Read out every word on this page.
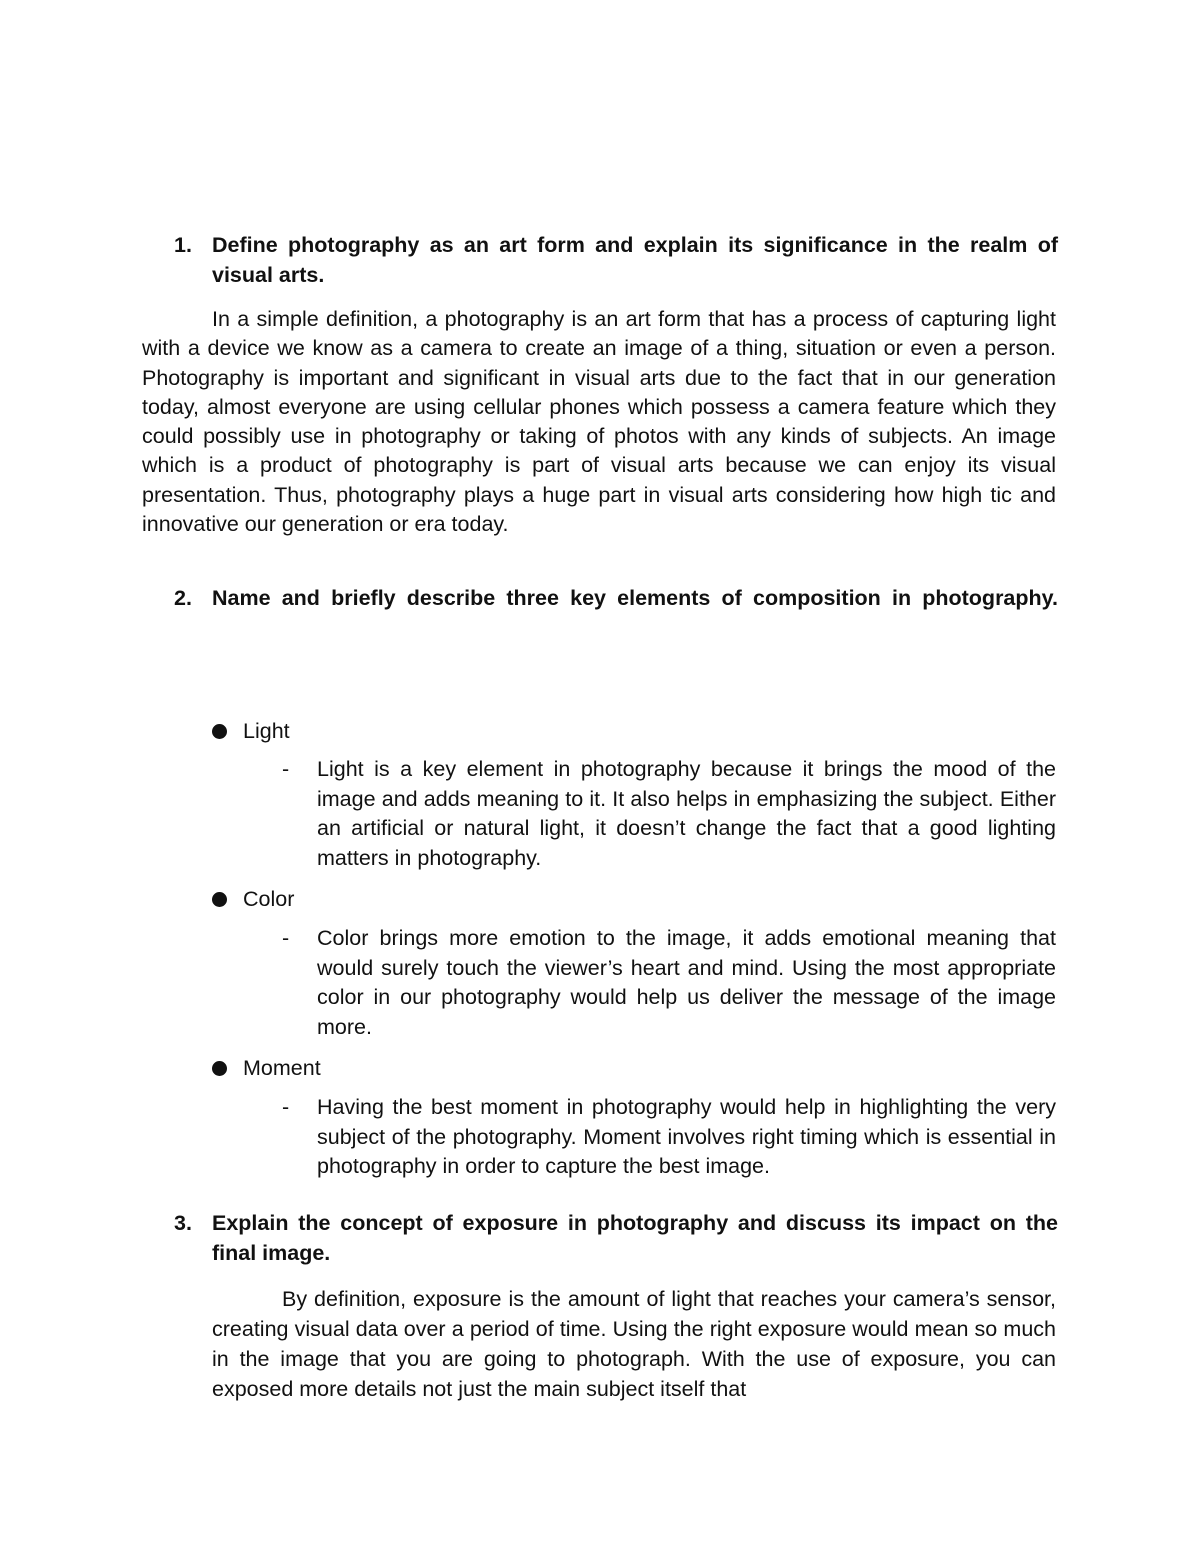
1. Define photography as an art form and explain its significance in the realm of visual arts.

In a simple definition, a photography is an art form that has a process of capturing light with a device we know as a camera to create an image of a thing, situation or even a person. Photography is important and significant in visual arts due to the fact that in our generation today, almost everyone are using cellular phones which possess a camera feature which they could possibly use in photography or taking of photos with any kinds of subjects. An image which is a product of photography is part of visual arts because we can enjoy its visual presentation. Thus, photography plays a huge part in visual arts considering how high tic and innovative our generation or era today.

2. Name and briefly describe three key elements of composition in photography.
Light
- Light is a key element in photography because it brings the mood of the image and adds meaning to it. It also helps in emphasizing the subject. Either an artificial or natural light, it doesn’t change the fact that a good lighting matters in photography.
Color
- Color brings more emotion to the image, it adds emotional meaning that would surely touch the viewer’s heart and mind. Using the most appropriate color in our photography would help us deliver the message of the image more.
Moment
- Having the best moment in photography would help in highlighting the very subject of the photography. Moment involves right timing which is essential in photography in order to capture the best image.
3. Explain the concept of exposure in photography and discuss its impact on the final image.

By definition, exposure is the amount of light that reaches your camera’s sensor, creating visual data over a period of time. Using the right exposure would mean so much in the image that you are going to photograph. With the use of exposure, you can exposed more details not just the main subject itself that
